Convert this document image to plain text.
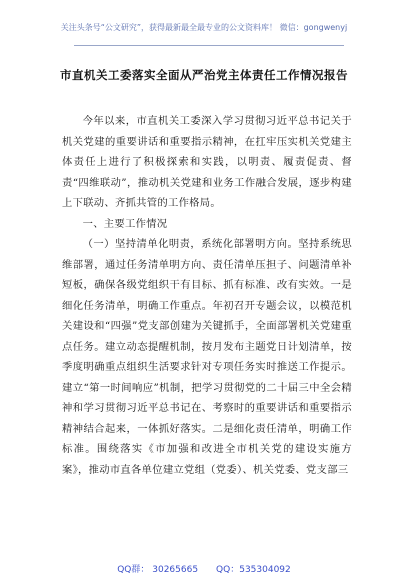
关注头条号“公文研究”，获得最新最全最专业的公文资料库！ 微信：gongwenyj
市直机关工委落实全面从严治党主体责任工作情况报告

今年以来，市直机关工委深入学习贯彻习近平总书记关于机关党建的重要讲话和重要指示精神，在扛牢压实机关党建主体责任上进行了积极探索和实践，以明责、履责促责、督责“四维联动”，推动机关党建和业务工作融合发展，逐步构建上下联动、齐抓共管的工作格局。

一、主要工作情况

（一）坚持清单化明责，系统化部署明方向。坚持系统思维部署，通过任务清单明方向、责任清单压担子、问题清单补短板，确保各级党组织干有目标、抓有标准、改有实效。一是细化任务清单，明确工作重点。年初召开专题会议，以模范机关建设和“四强”党支部创建为关键抓手，全面部署机关党建重点任务。建立动态提醒机制，按月发布主题党日计划清单，按季度明确重点组织生活要求针对专项任务实时推送工作提示。建立“第一时间响应”机制，把学习贯彻党的二十届三中全会精神和学习贯彻习近平总书记在、考察时的重要讲话和重要指示精神结合起来，一体抓好落实。二是细化责任清单，明确工作标准。围绕落实《市加强和改进全市机关党的建设实施方案》，推动市直各单位建立党组（党委）、机关党委、党支部三

QQ群： 30265665　　QQ：535304092
